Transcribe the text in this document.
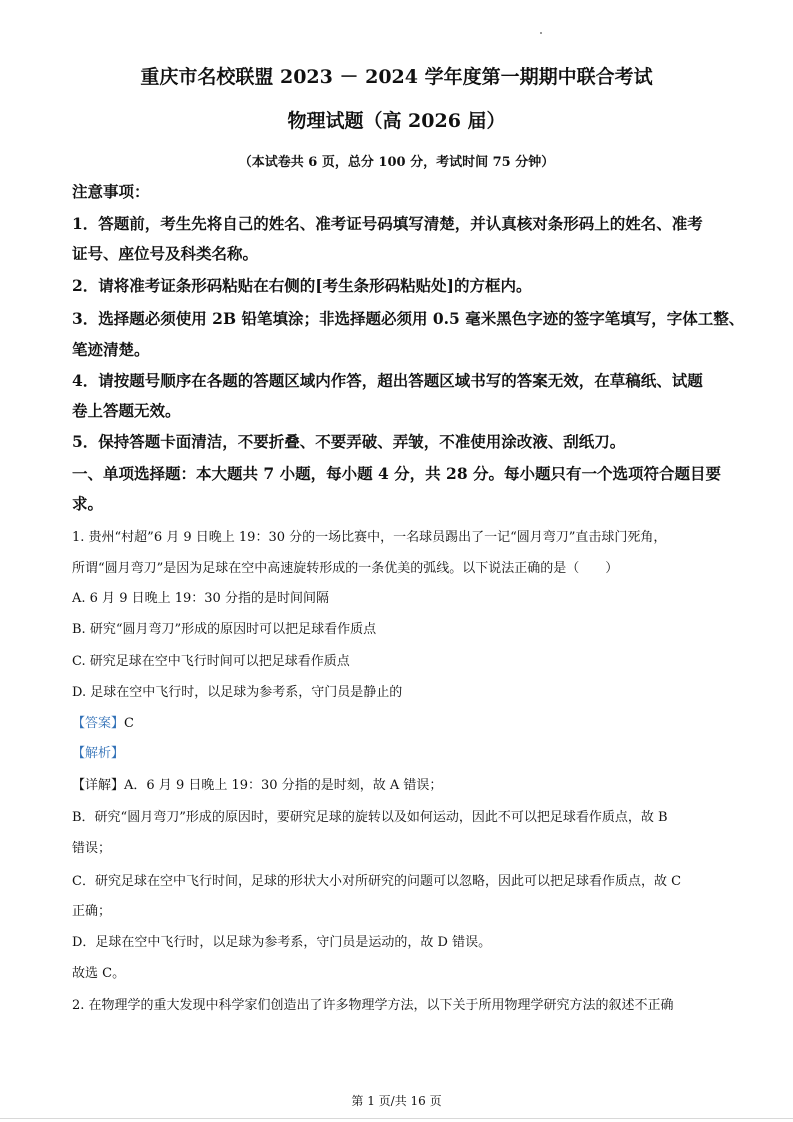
重庆市名校联盟 2023 － 2024 学年度第一期期中联合考试

物理试题（高 2026 届）

（本试卷共 6 页，总分 100 分，考试时间 75 分钟）

注意事项：

1．答题前，考生先将自己的姓名、准考证号码填写清楚，并认真核对条形码上的姓名、准考

证号、座位号及科类名称。

2．请将准考证条形码粘贴在右侧的[考生条形码粘贴处]的方框内。

3．选择题必须使用 2B 铅笔填涂；非选择题必须用 0.5 毫米黑色字迹的签字笔填写，字体工整、

笔迹清楚。

4．请按题号顺序在各题的答题区域内作答，超出答题区域书写的答案无效，在草稿纸、试题

卷上答题无效。

5．保持答题卡面清洁，不要折叠、不要弄破、弄皱，不准使用涂改液、刮纸刀。

一、单项选择题：本大题共 7 小题，每小题 4 分，共 28 分。每小题只有一个选项符合题目要

求。

1. 贵州“村超”6 月 9 日晚上 19：30 分的一场比赛中，一名球员踢出了一记“圆月弯刀”直击球门死角，

所谓“圆月弯刀”是因为足球在空中高速旋转形成的一条优美的弧线。以下说法正确的是（　　）

A. 6 月 9 日晚上 19：30 分指的是时间间隔

B. 研究“圆月弯刀”形成的原因时可以把足球看作质点

C. 研究足球在空中飞行时间可以把足球看作质点

D. 足球在空中飞行时，以足球为参考系，守门员是静止的

【答案】C

【解析】

【详解】A．6 月 9 日晚上 19：30 分指的是时刻，故 A 错误；

B．研究“圆月弯刀”形成的原因时，要研究足球的旋转以及如何运动，因此不可以把足球看作质点，故 B

错误；

C．研究足球在空中飞行时间，足球的形状大小对所研究的问题可以忽略，因此可以把足球看作质点，故 C

正确；

D．足球在空中飞行时，以足球为参考系，守门员是运动的，故 D 错误。

故选 C。

2. 在物理学的重大发现中科学家们创造出了许多物理学方法，以下关于所用物理学研究方法的叙述不正确

第 1 页/共 16 页
